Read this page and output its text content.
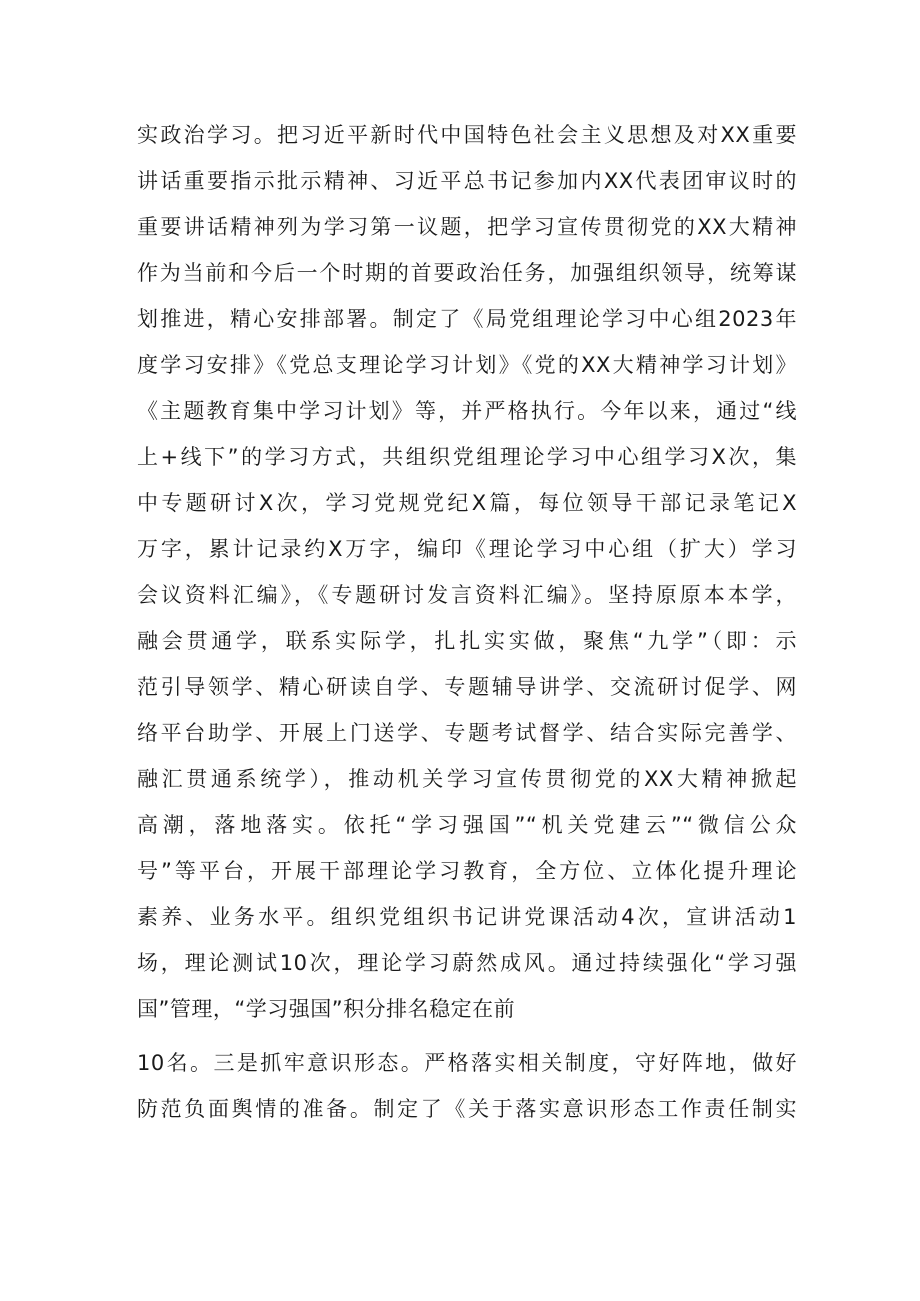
实政治学习。把习近平新时代中国特色社会主义思想及对XX重要
讲话重要指示批示精神、习近平总书记参加内XX代表团审议时的
重要讲话精神列为学习第一议题，把学习宣传贯彻党的XX大精神
作为当前和今后一个时期的首要政治任务，加强组织领导，统筹谋
划推进，精心安排部署。制定了《局党组理论学习中心组2023年
度学习安排》《党总支理论学习计划》《党的XX大精神学习计划》
《主题教育集中学习计划》等，并严格执行。今年以来，通过“线
上+线下”的学习方式，共组织党组理论学习中心组学习X次，集
中专题研讨X次，学习党规党纪X篇，每位领导干部记录笔记X
万字，累计记录约X万字，编印《理论学习中心组（扩大）学习
会议资料汇编》，《专题研讨发言资料汇编》。坚持原原本本学，
融会贯通学，联系实际学，扎扎实实做，聚焦“九学”（即：示
范引导领学、精心研读自学、专题辅导讲学、交流研讨促学、网
络平台助学、开展上门送学、专题考试督学、结合实际完善学、
融汇贯通系统学），推动机关学习宣传贯彻党的XX大精神掀起
高潮，落地落实。依托“学习强国”“机关党建云”“微信公众
号”等平台，开展干部理论学习教育，全方位、立体化提升理论
素养、业务水平。组织党组织书记讲党课活动4次，宣讲活动1
场，理论测试10次，理论学习蔚然成风。通过持续强化“学习强
国”管理，“学习强国”积分排名稳定在前
10名。三是抓牢意识形态。严格落实相关制度，守好阵地，做好
防范负面舆情的准备。制定了《关于落实意识形态工作责任制实
